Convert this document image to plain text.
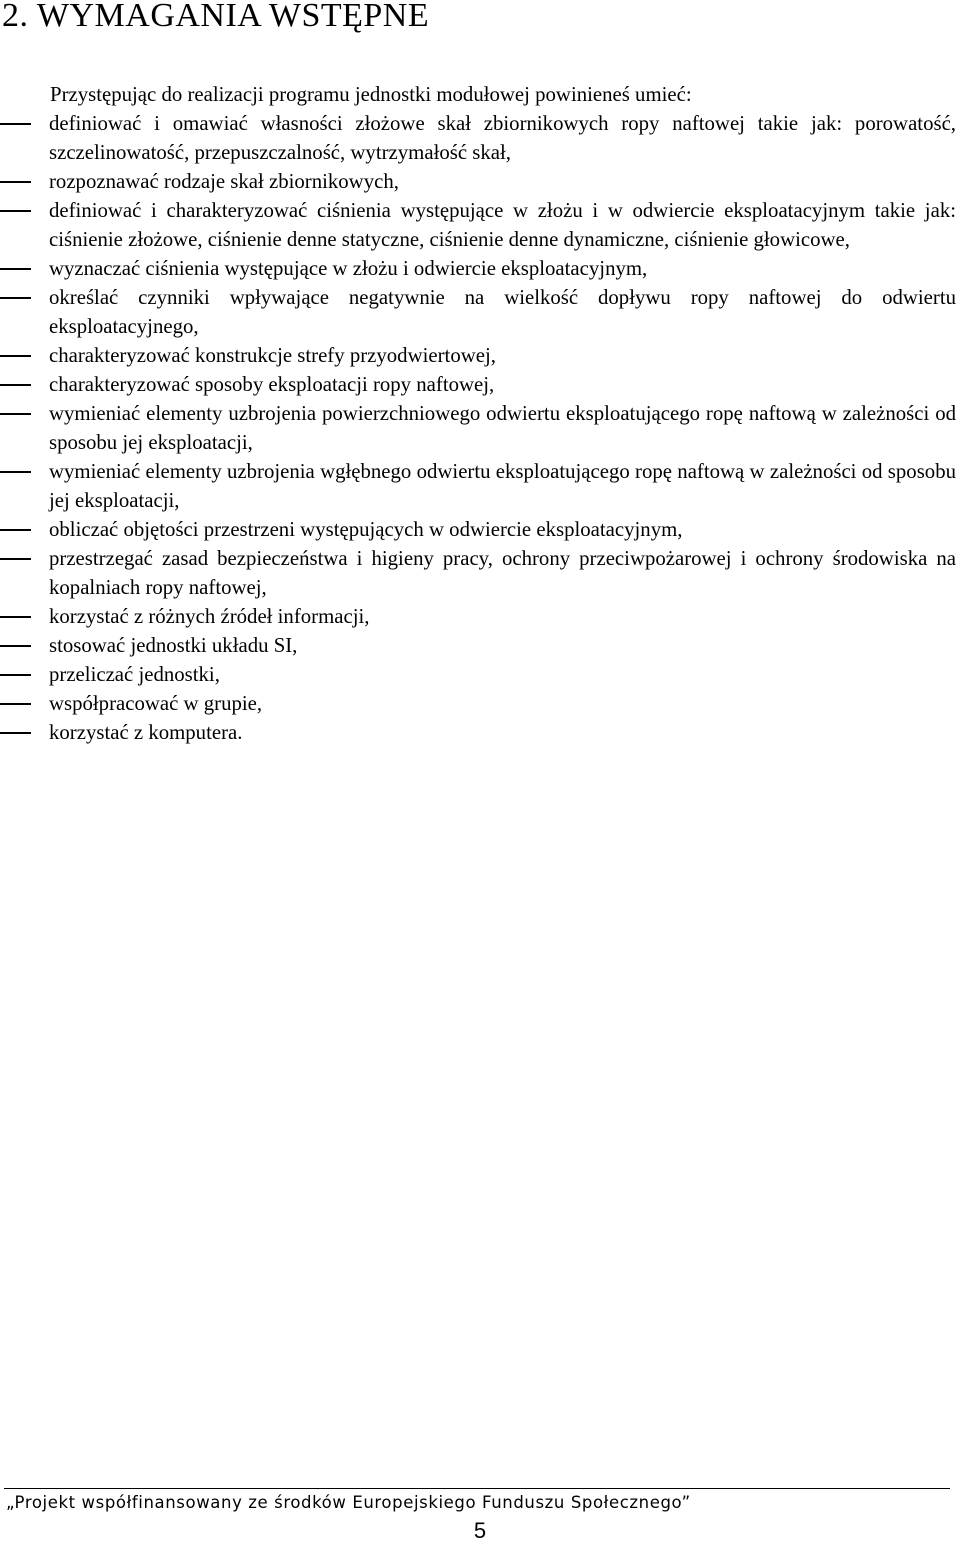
2. WYMAGANIA WSTĘPNE

Przystępując do realizacji programu jednostki modułowej powinieneś umieć:

definiować i omawiać własności złożowe skał zbiornikowych ropy naftowej takie jak: porowatość, szczelinowatość, przepuszczalność, wytrzymałość skał,
rozpoznawać rodzaje skał zbiornikowych,
definiować i charakteryzować ciśnienia występujące w złożu i w odwiercie eksploatacyjnym takie jak: ciśnienie złożowe, ciśnienie denne statyczne, ciśnienie denne dynamiczne, ciśnienie głowicowe,
wyznaczać ciśnienia występujące w złożu i odwiercie eksploatacyjnym,
określać czynniki wpływające negatywnie na wielkość dopływu ropy naftowej do odwiertu eksploatacyjnego,
charakteryzować konstrukcje strefy przyodwiertowej,
charakteryzować sposoby eksploatacji ropy naftowej,
wymieniać elementy uzbrojenia powierzchniowego odwiertu eksploatującego ropę naftową w zależności od sposobu jej eksploatacji,
wymieniać elementy uzbrojenia wgłębnego odwiertu eksploatującego ropę naftową w zależności od sposobu jej eksploatacji,
obliczać objętości przestrzeni występujących w odwiercie eksploatacyjnym,
przestrzegać zasad bezpieczeństwa i higieny pracy, ochrony przeciwpożarowej i ochrony środowiska na kopalniach ropy naftowej,
korzystać z różnych źródeł informacji,
stosować jednostki układu SI,
przeliczać jednostki,
współpracować w grupie,
korzystać z komputera.
„Projekt współfinansowany ze środków Europejskiego Funduszu Społecznego”
5
